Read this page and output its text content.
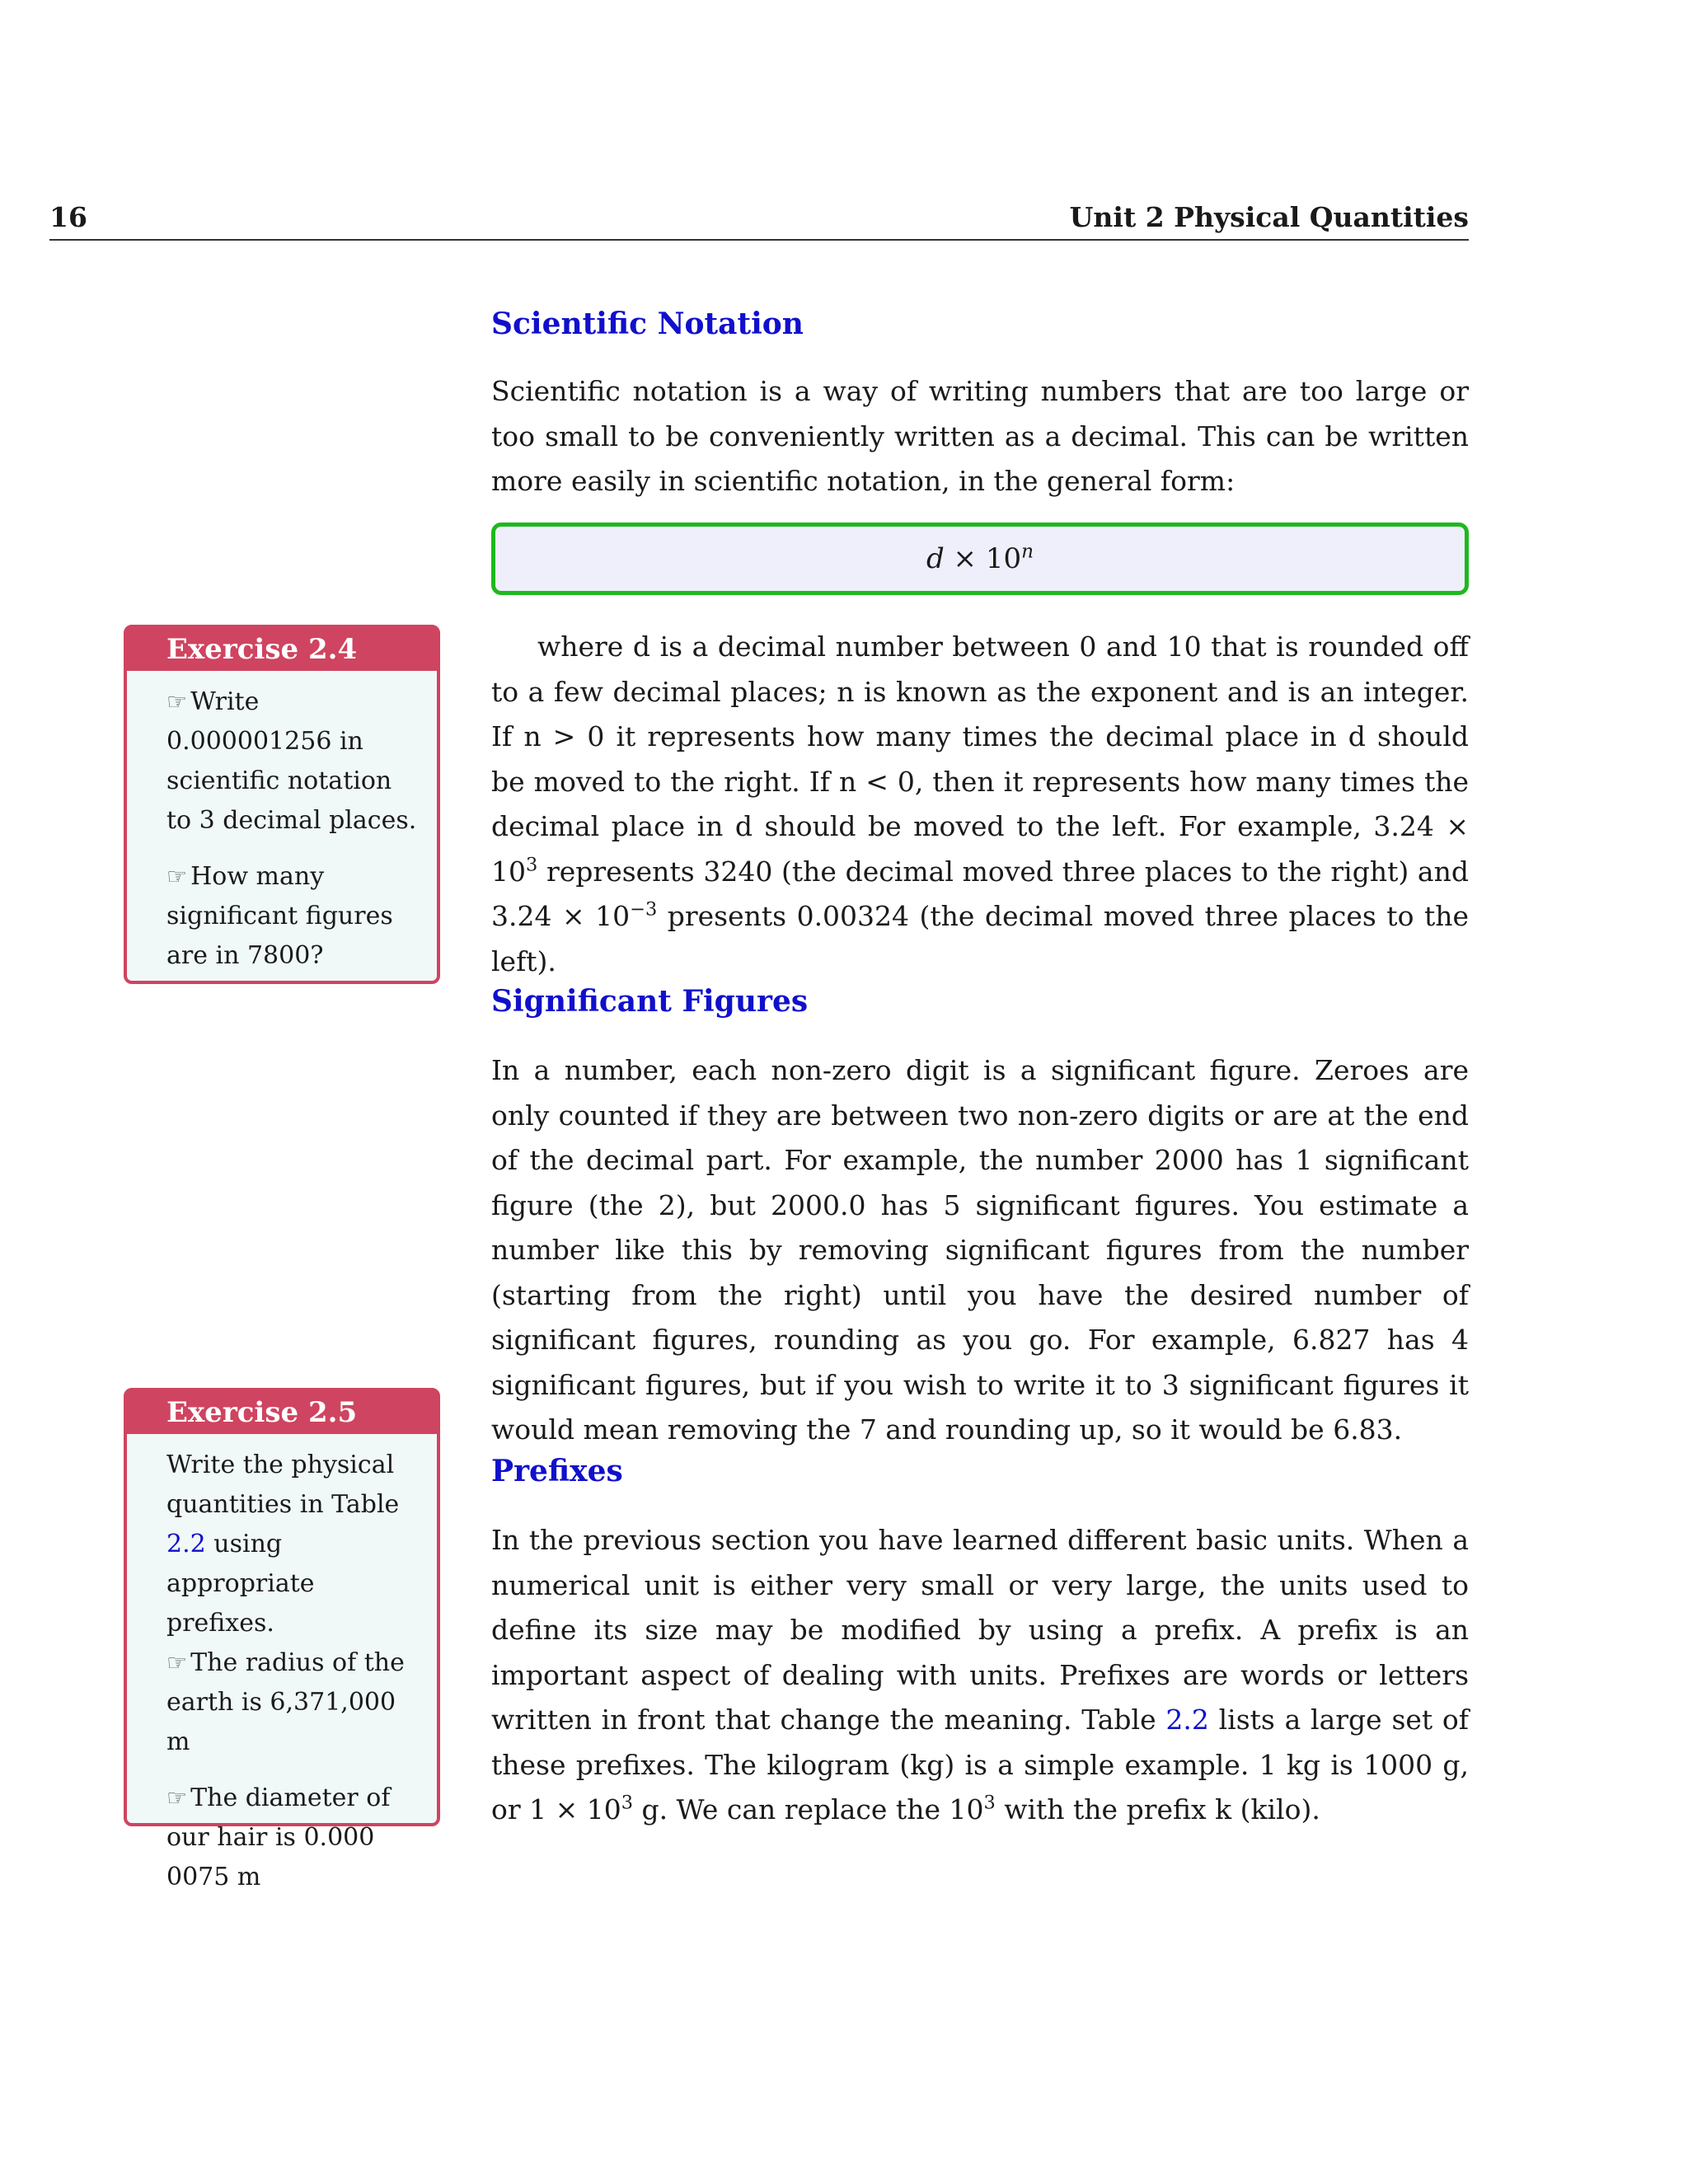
16	Unit 2 Physical Quantities
Scientific Notation

Scientific notation is a way of writing numbers that are too large or too small to be conveniently written as a decimal. This can be written more easily in scientific notation, in the general form:

$d \times 10^n$

where d is a decimal number between 0 and 10 that is rounded off to a few decimal places; n is known as the exponent and is an integer. If n > 0 it represents how many times the decimal place in d should be moved to the right. If n < 0, then it represents how many times the decimal place in d should be moved to the left. For example, $3.24 \times 10^3$ represents 3240 (the decimal moved three places to the right) and $3.24 \times 10^{-3}$ presents 0.00324 (the decimal moved three places to the left).

Significant Figures

In a number, each non-zero digit is a significant figure. Zeroes are only counted if they are between two non-zero digits or are at the end of the decimal part. For example, the number 2000 has 1 significant figure (the 2), but 2000.0 has 5 significant figures. You estimate a number like this by removing significant figures from the number (starting from the right) until you have the desired number of significant figures, rounding as you go. For example, 6.827 has 4 significant figures, but if you wish to write it to 3 significant figures it would mean removing the 7 and rounding up, so it would be 6.83.

Prefixes

In the previous section you have learned different basic units. When a numerical unit is either very small or very large, the units used to define its size may be modified by using a prefix. A prefix is an important aspect of dealing with units. Prefixes are words or letters written in front that change the meaning. Table 2.2 lists a large set of these prefixes. The kilogram (kg) is a simple example. 1 kg is 1000 g, or $1 \times 10^3$ g. We can replace the $10^3$ with the prefix k (kilo).

Exercise 2.4

☞ Write 0.000001256 in scientific notation to 3 decimal places.

☞ How many significant figures are in 7800?

Exercise 2.5

Write the physical quantities in Table 2.2 using appropriate prefixes.

☞ The radius of the earth is 6,371,000 m

☞ The diameter of our hair is 0.000 0075 m
